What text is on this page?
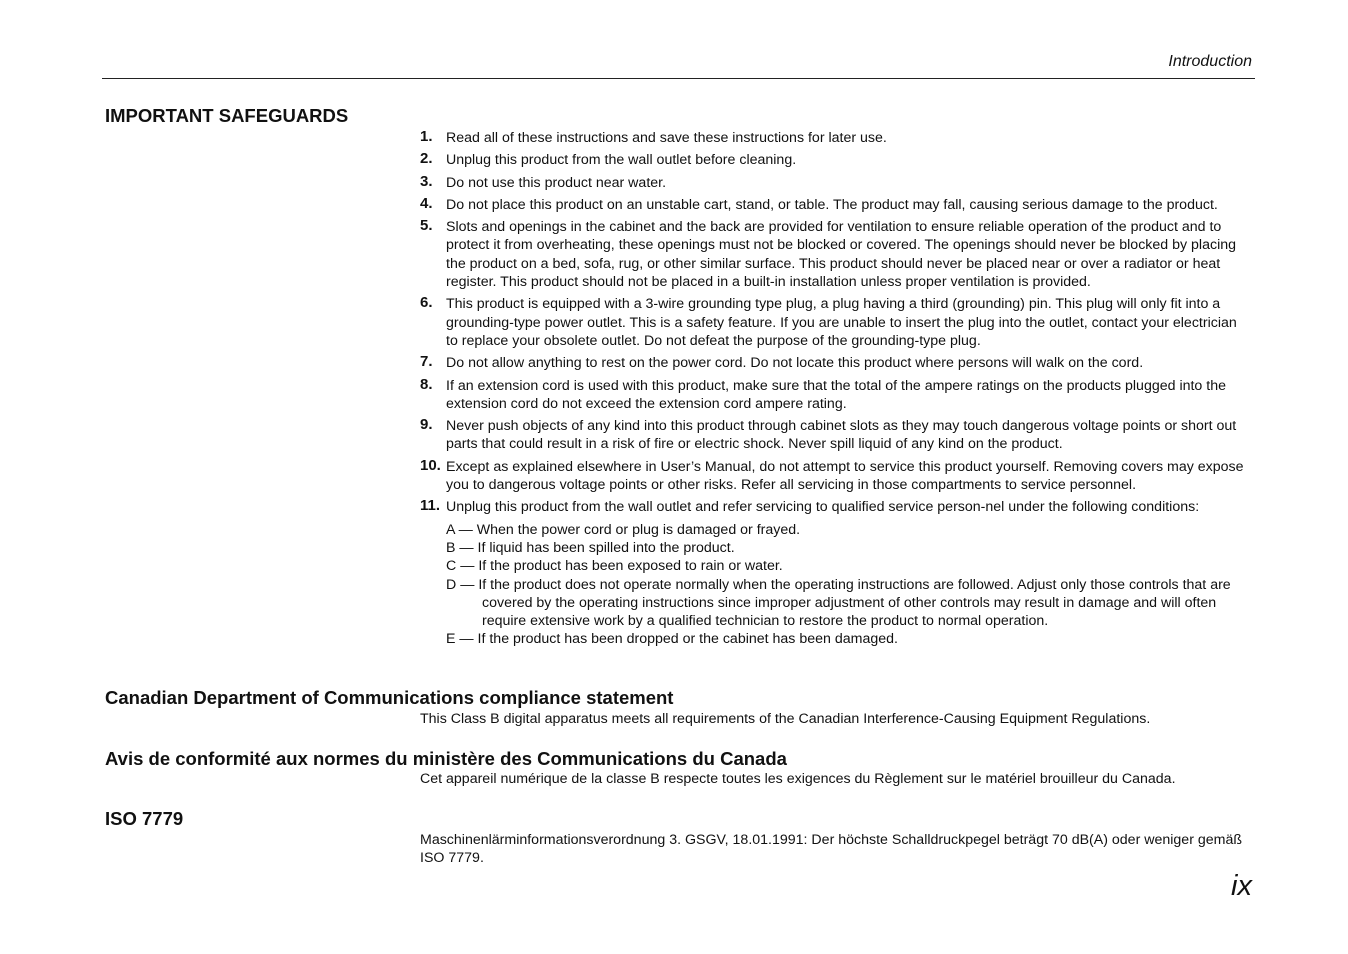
Introduction
IMPORTANT SAFEGUARDS
1. Read all of these instructions and save these instructions for later use.
2. Unplug this product from the wall outlet before cleaning.
3. Do not use this product near water.
4. Do not place this product on an unstable cart, stand, or table. The product may fall, causing serious damage to the product.
5. Slots and openings in the cabinet and the back are provided for ventilation to ensure reliable operation of the product and to protect it from overheating, these openings must not be blocked or covered. The openings should never be blocked by placing the product on a bed, sofa, rug, or other similar surface. This product should never be placed near or over a radiator or heat register. This product should not be placed in a built-in installation unless proper ventilation is provided.
6. This product is equipped with a 3-wire grounding type plug, a plug having a third (grounding) pin. This plug will only fit into a grounding-type power outlet. This is a safety feature. If you are unable to insert the plug into the outlet, contact your electrician to replace your obsolete outlet. Do not defeat the purpose of the grounding-type plug.
7. Do not allow anything to rest on the power cord. Do not locate this product where persons will walk on the cord.
8. If an extension cord is used with this product, make sure that the total of the ampere ratings on the products plugged into the extension cord do not exceed the extension cord ampere rating.
9. Never push objects of any kind into this product through cabinet slots as they may touch dangerous voltage points or short out parts that could result in a risk of fire or electric shock. Never spill liquid of any kind on the product.
10. Except as explained elsewhere in User’s Manual, do not attempt to service this product yourself. Removing covers may expose you to dangerous voltage points or other risks. Refer all servicing in those compartments to service personnel.
11. Unplug this product from the wall outlet and refer servicing to qualified service person-nel under the following conditions:
A — When the power cord or plug is damaged or frayed.
B — If liquid has been spilled into the product.
C — If the product has been exposed to rain or water.
D — If the product does not operate normally when the operating instructions are followed. Adjust only those controls that are covered by the operating instructions since improper adjustment of other controls may result in damage and will often require extensive work by a qualified technician to restore the product to normal operation.
E — If the product has been dropped or the cabinet has been damaged.
Canadian Department of Communications compliance statement

This Class B digital apparatus meets all requirements of the Canadian Interference-Causing Equipment Regulations.

Avis de conformité aux normes du ministère des Communications du Canada

Cet appareil numérique de la classe B respecte toutes les exigences du Règlement sur le matériel brouilleur du Canada.

ISO 7779

Maschinenlärminformationsverordnung 3. GSGV, 18.01.1991: Der höchste Schalldruckpegel beträgt 70 dB(A) oder weniger gemäß ISO 7779.

ix
